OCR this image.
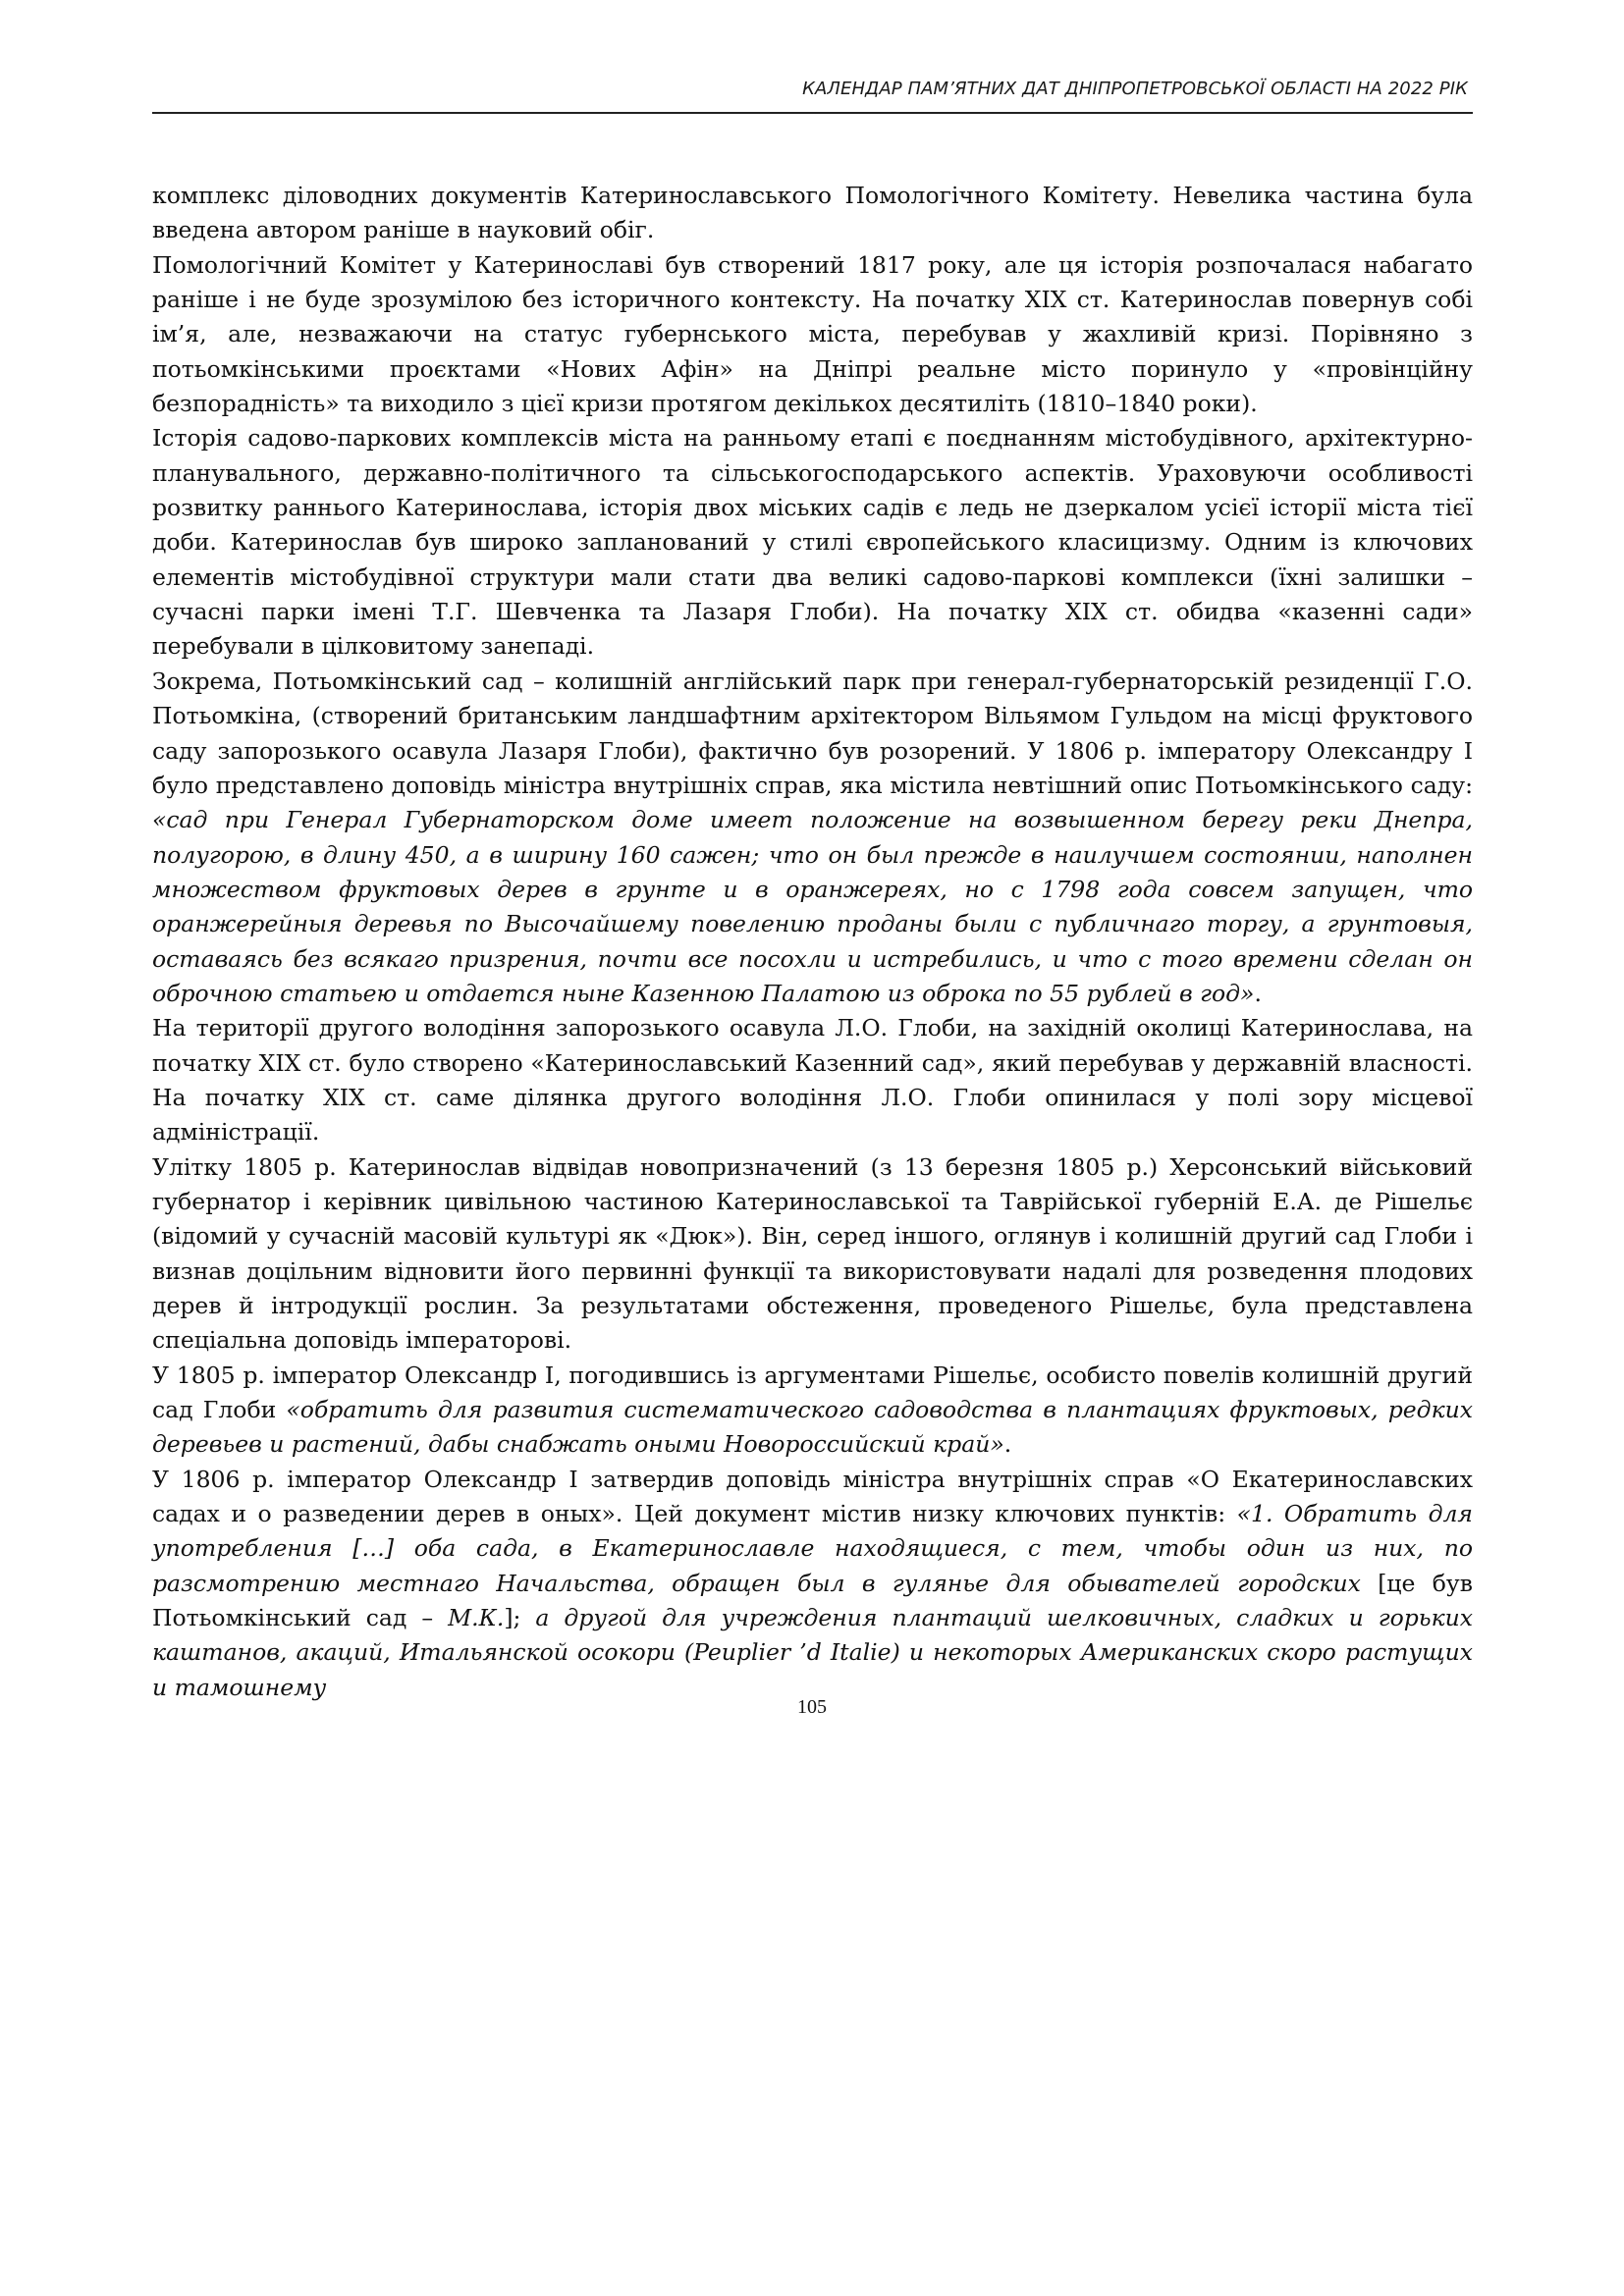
КАЛЕНДАР ПАМ’ЯТНИХ ДАТ ДНІПРОПЕТРОВСЬКОЇ ОБЛАСТІ НА 2022 РІК

комплекс діловодних документів Катеринославського Помологічного Комітету. Невелика частина була введена автором раніше в науковий обіг.

Помологічний Комітет у Катеринославі був створений 1817 року, але ця історія розпочалася набагато раніше і не буде зрозумілою без історичного контексту. На початку XIX ст. Катеринослав повернув собі ім’я, але, незважаючи на статус губернського міста, перебував у жахливій кризі. Порівняно з потьомкінськими проєктами «Нових Афін» на Дніпрі реальне місто поринуло у «провінційну безпорадність» та виходило з цієї кризи протягом декількох десятиліть (1810–1840 роки).

Історія садово-паркових комплексів міста на ранньому етапі є поєднанням містобудівного, архітектурно-планувального, державно-політичного та сільськогосподарського аспектів. Ураховуючи особливості розвитку раннього Катеринослава, історія двох міських садів є ледь не дзеркалом усієї історії міста тієї доби. Катеринослав був широко запланований у стилі європейського класицизму. Одним із ключових елементів містобудівної структури мали стати два великі садово-паркові комплекси (їхні залишки – сучасні парки імені Т.Г. Шевченка та Лазаря Глоби). На початку XIX ст. обидва «казенні сади» перебували в цілковитому занепаді.

Зокрема, Потьомкінський сад – колишній англійський парк при генерал-губернаторській резиденції Г.О. Потьомкіна, (створений британським ландшафтним архітектором Вільямом Гульдом на місці фруктового саду запорозького осавула Лазаря Глоби), фактично був розорений. У 1806 р. імператору Олександру І було представлено доповідь міністра внутрішніх справ, яка містила невтішний опис Потьомкінського саду: «сад при Генерал Губернаторском доме имеет положение на возвышенном берегу реки Днепра, полугорою, в длину 450, а в ширину 160 сажен; что он был прежде в наилучшем состоянии, наполнен множеством фруктовых дерев в грунте и в оранжереях, но с 1798 года совсем запущен, что оранжерейныя деревья по Высочайшему повелению проданы были с публичнаго торгу, а грунтовыя, оставаясь без всякаго призрения, почти все посохли и истребились, и что с того времени сделан он оброчною статьею и отдается ныне Казенною Палатою из оброка по 55 рублей в год».

На території другого володіння запорозького осавула Л.О. Глоби, на західній околиці Катеринослава, на початку XIX ст. було створено «Катеринославський Казенний сад», який перебував у державній власності. На початку XIX ст. саме ділянка другого володіння Л.О. Глоби опинилася у полі зору місцевої адміністрації.

Улітку 1805 р. Катеринослав відвідав новопризначений (з 13 березня 1805 р.) Херсонський військовий губернатор і керівник цивільною частиною Катеринославської та Таврійської губерній Е.А. де Рішельє (відомий у сучасній масовій культурі як «Дюк»). Він, серед іншого, оглянув і колишній другий сад Глоби і визнав доцільним відновити його первинні функції та використовувати надалі для розведення плодових дерев й інтродукції рослин. За результатами обстеження, проведеного Рішельє, була представлена спеціальна доповідь імператорові.

У 1805 р. імператор Олександр І, погодившись із аргументами Рішельє, особисто повелів колишній другий сад Глоби «обратить для развития систематического садоводства в плантациях фруктовых, редких деревьев и растений, дабы снабжать оными Новороссийский край».

У 1806 р. імператор Олександр І затвердив доповідь міністра внутрішніх справ «О Екатеринославских садах и о разведении дерев в оных». Цей документ містив низку ключових пунктів: «1. Обратить для употребления […] оба сада, в Екатеринославле находящиеся, с тем, чтобы один из них, по разсмотрению местнаго Начальства, обращен был в гулянье для обывателей городских [це був Потьомкінський сад – М.К.]; а другой для учреждения плантаций шелковичных, сладких и горьких каштанов, акаций, Итальянской осокори (Peuplier ’d Italie) и некоторых Американских скоро растущих и тамошнему

105
